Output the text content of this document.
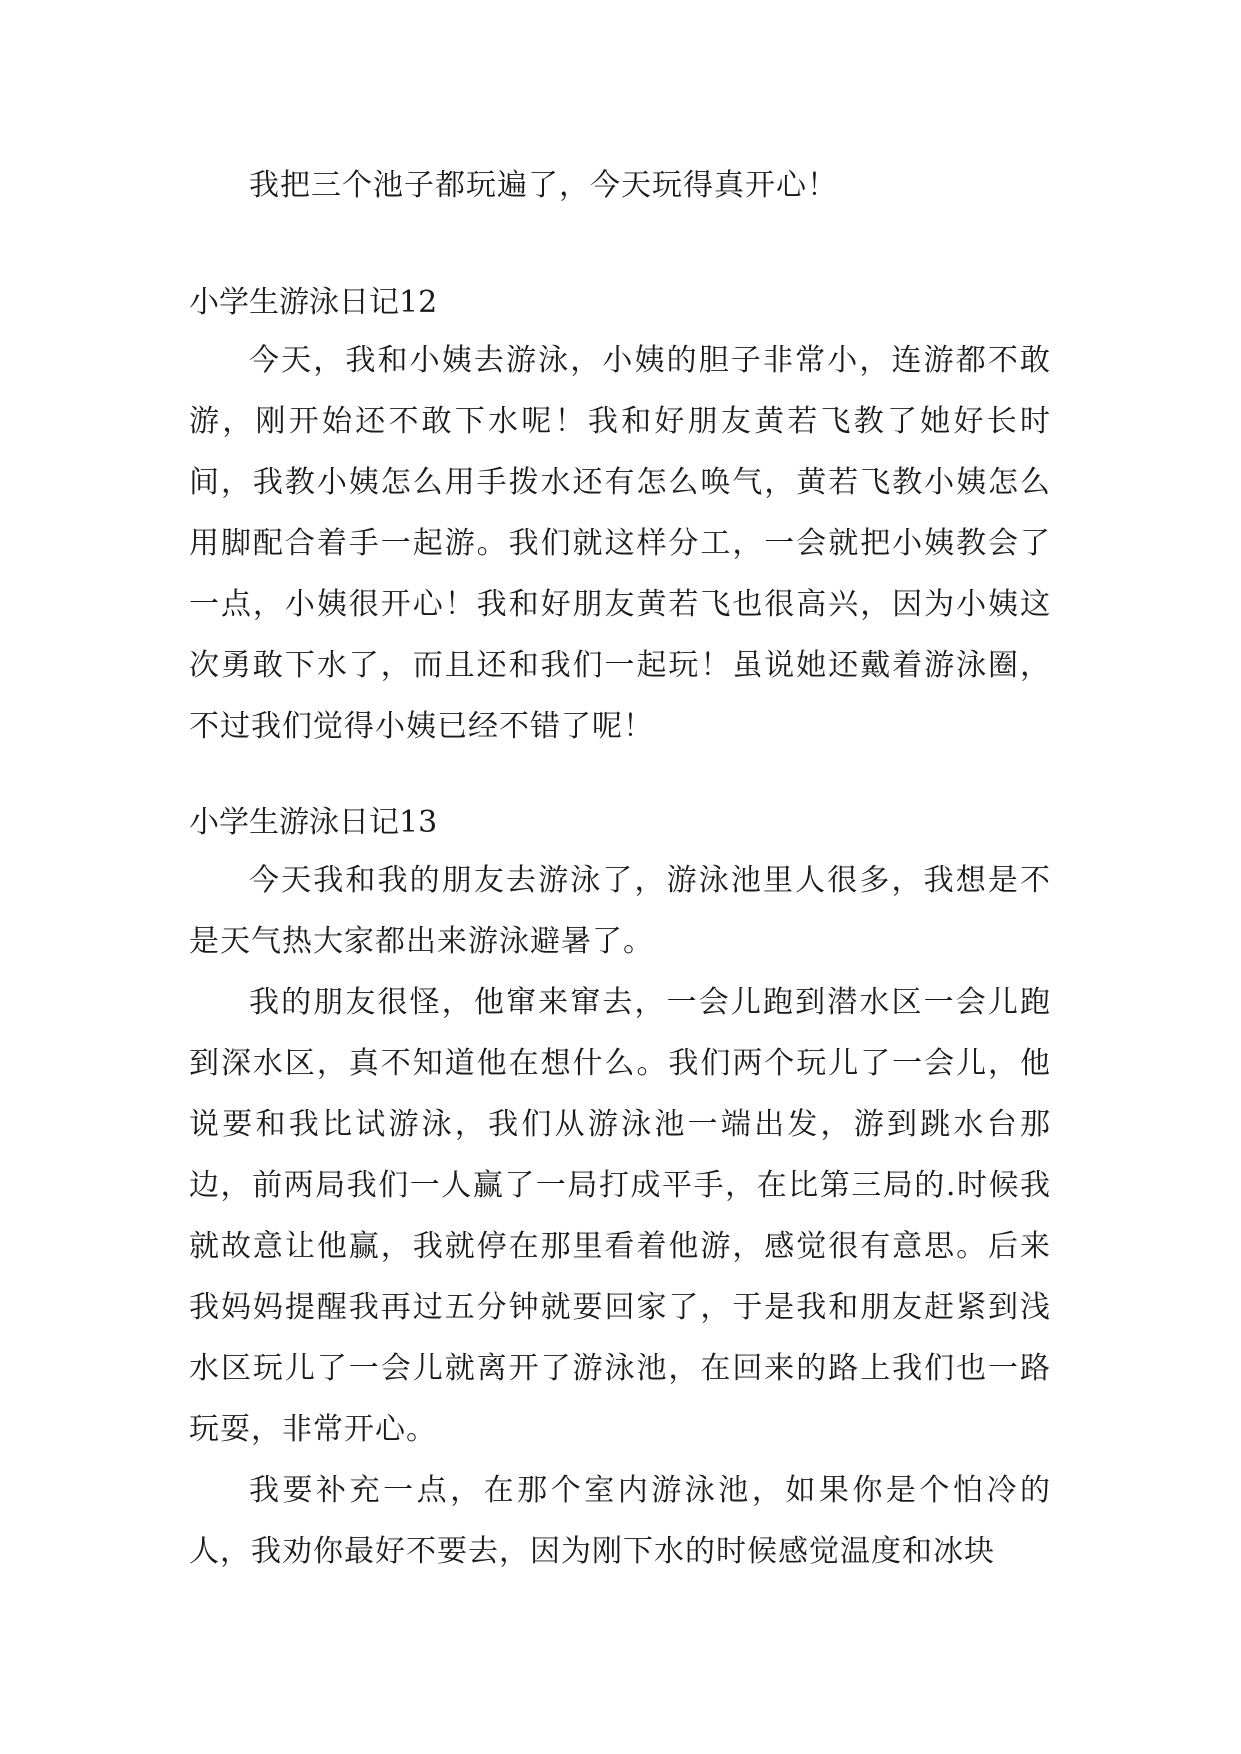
我把三个池子都玩遍了，今天玩得真开心！

小学生游泳日记12

今天，我和小姨去游泳，小姨的胆子非常小，连游都不敢游，刚开始还不敢下水呢！我和好朋友黄若飞教了她好长时间，我教小姨怎么用手拨水还有怎么唤气，黄若飞教小姨怎么用脚配合着手一起游。我们就这样分工，一会就把小姨教会了一点，小姨很开心！我和好朋友黄若飞也很高兴，因为小姨这次勇敢下水了，而且还和我们一起玩！虽说她还戴着游泳圈，不过我们觉得小姨已经不错了呢！

小学生游泳日记13

今天我和我的朋友去游泳了，游泳池里人很多，我想是不是天气热大家都出来游泳避暑了。

我的朋友很怪，他窜来窜去，一会儿跑到潜水区一会儿跑到深水区，真不知道他在想什么。我们两个玩儿了一会儿，他说要和我比试游泳，我们从游泳池一端出发，游到跳水台那边，前两局我们一人赢了一局打成平手，在比第三局的.时候我就故意让他赢，我就停在那里看着他游，感觉很有意思。后来我妈妈提醒我再过五分钟就要回家了，于是我和朋友赶紧到浅水区玩儿了一会儿就离开了游泳池，在回来的路上我们也一路玩耍，非常开心。

我要补充一点，在那个室内游泳池，如果你是个怕冷的人，我劝你最好不要去，因为刚下水的时候感觉温度和冰块
